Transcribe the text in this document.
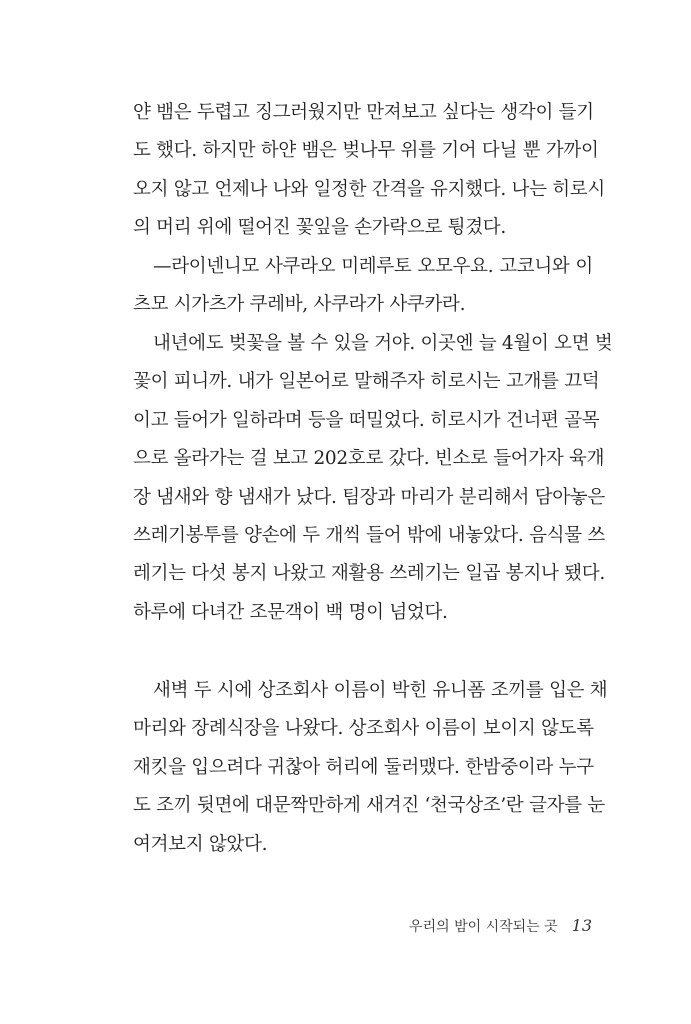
얀 뱀은 두렵고 징그러웠지만 만져보고 싶다는 생각이 들기
도 했다. 하지만 하얀 뱀은 벚나무 위를 기어 다닐 뿐 가까이
오지 않고 언제나 나와 일정한 간격을 유지했다. 나는 히로시
의 머리 위에 떨어진 꽃잎을 손가락으로 튕겼다.
—라이넨니모 사쿠라오 미레루토 오모우요. 고코니와 이
츠모 시가츠가 쿠레바, 사쿠라가 사쿠카라.
내년에도 벚꽃을 볼 수 있을 거야. 이곳엔 늘 4월이 오면 벚
꽃이 피니까. 내가 일본어로 말해주자 히로시는 고개를 끄덕
이고 들어가 일하라며 등을 떠밀었다. 히로시가 건너편 골목
으로 올라가는 걸 보고 202호로 갔다. 빈소로 들어가자 육개
장 냄새와 향 냄새가 났다. 팀장과 마리가 분리해서 담아놓은
쓰레기봉투를 양손에 두 개씩 들어 밖에 내놓았다. 음식물 쓰
레기는 다섯 봉지 나왔고 재활용 쓰레기는 일곱 봉지나 됐다.
하루에 다녀간 조문객이 백 명이 넘었다.
새벽 두 시에 상조회사 이름이 박힌 유니폼 조끼를 입은 채
마리와 장례식장을 나왔다. 상조회사 이름이 보이지 않도록
재킷을 입으려다 귀찮아 허리에 둘러맸다. 한밤중이라 누구
도 조끼 뒷면에 대문짝만하게 새겨진 ‘천국상조’란 글자를 눈
여겨보지 않았다.
우리의 밤이 시작되는 곳 13
